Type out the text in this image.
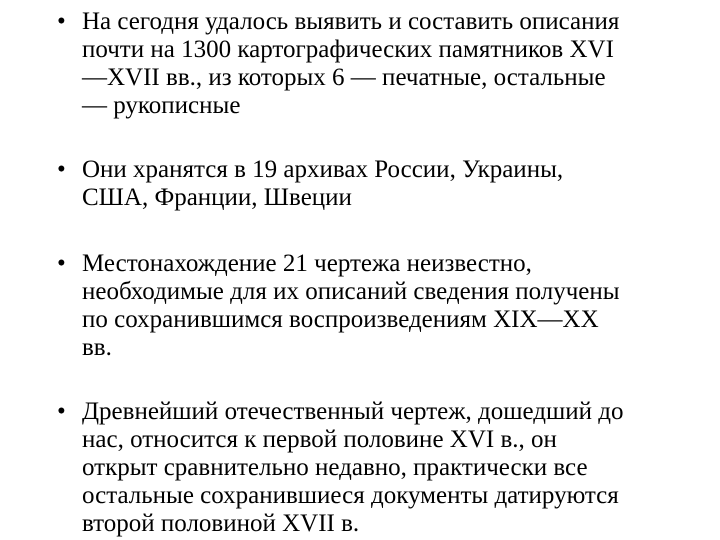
• На сегодня удалось выявить и составить описания
почти на 1300 картографических памятников XVI
—XVII вв., из которых 6 — печатные, остальные
— рукописные
• Они хранятся в 19 архивах России, Украины,
США, Франции, Швеции
• Местонахождение 21 чертежа неизвестно,
необходимые для их описаний сведения получены
по сохранившимся воспроизведениям XIX—XX
вв.
• Древнейший отечественный чертеж, дошедший до
нас, относится к первой половине XVI в., он
открыт сравнительно недавно, практически все
остальные сохранившиеся документы датируются
второй половиной XVII в.
